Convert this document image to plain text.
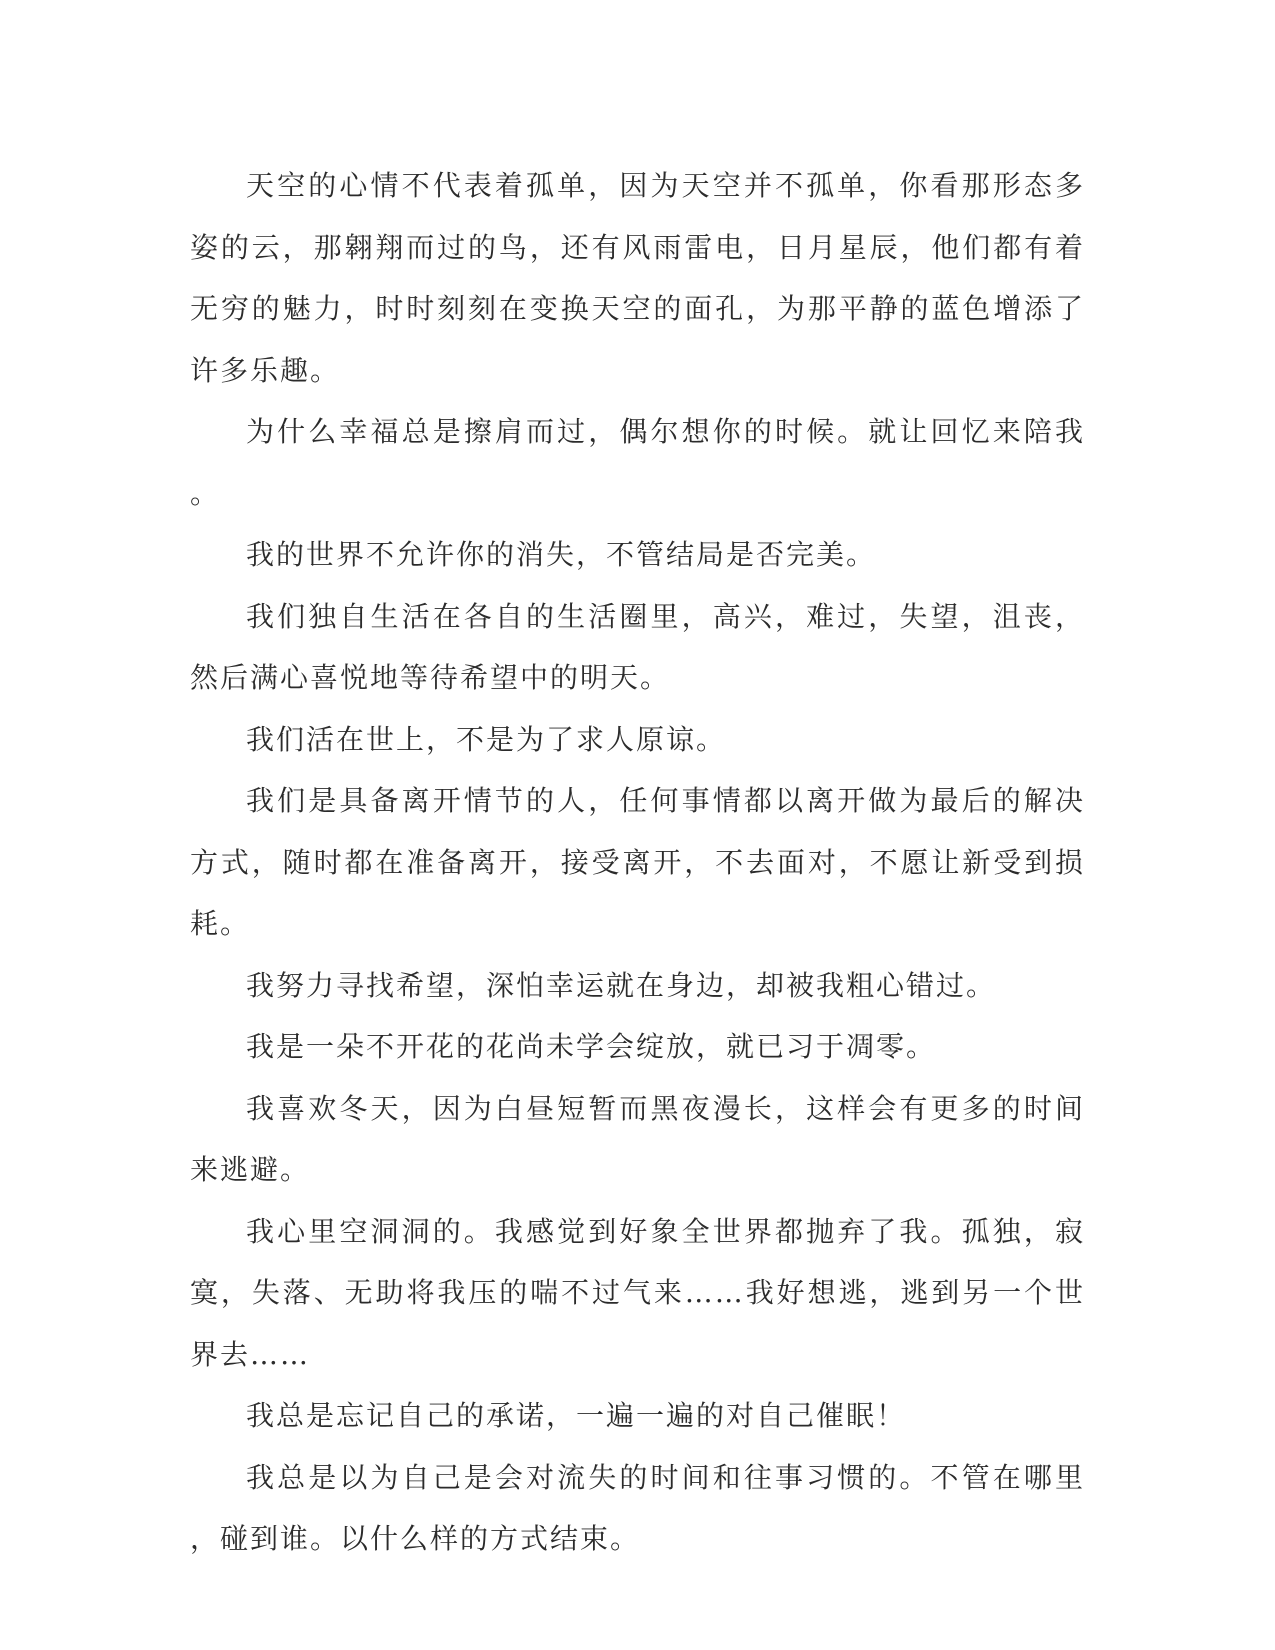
天空的心情不代表着孤单，因为天空并不孤单，你看那形态多姿的云，那翱翔而过的鸟，还有风雨雷电，日月星辰，他们都有着无穷的魅力，时时刻刻在变换天空的面孔，为那平静的蓝色增添了许多乐趣。

为什么幸福总是擦肩而过，偶尔想你的时候。就让回忆来陪我。

我的世界不允许你的消失，不管结局是否完美。

我们独自生活在各自的生活圈里，高兴，难过，失望，沮丧，然后满心喜悦地等待希望中的明天。

我们活在世上，不是为了求人原谅。

我们是具备离开情节的人，任何事情都以离开做为最后的解决方式，随时都在准备离开，接受离开，不去面对，不愿让新受到损耗。

我努力寻找希望，深怕幸运就在身边，却被我粗心错过。

我是一朵不开花的花尚未学会绽放，就已习于凋零。

我喜欢冬天，因为白昼短暂而黑夜漫长，这样会有更多的时间来逃避。

我心里空洞洞的。我感觉到好象全世界都抛弃了我。孤独，寂寞，失落、无助将我压的喘不过气来……我好想逃，逃到另一个世界去……

我总是忘记自己的承诺，一遍一遍的对自己催眠！

我总是以为自己是会对流失的时间和往事习惯的。不管在哪里，碰到谁。以什么样的方式结束。
